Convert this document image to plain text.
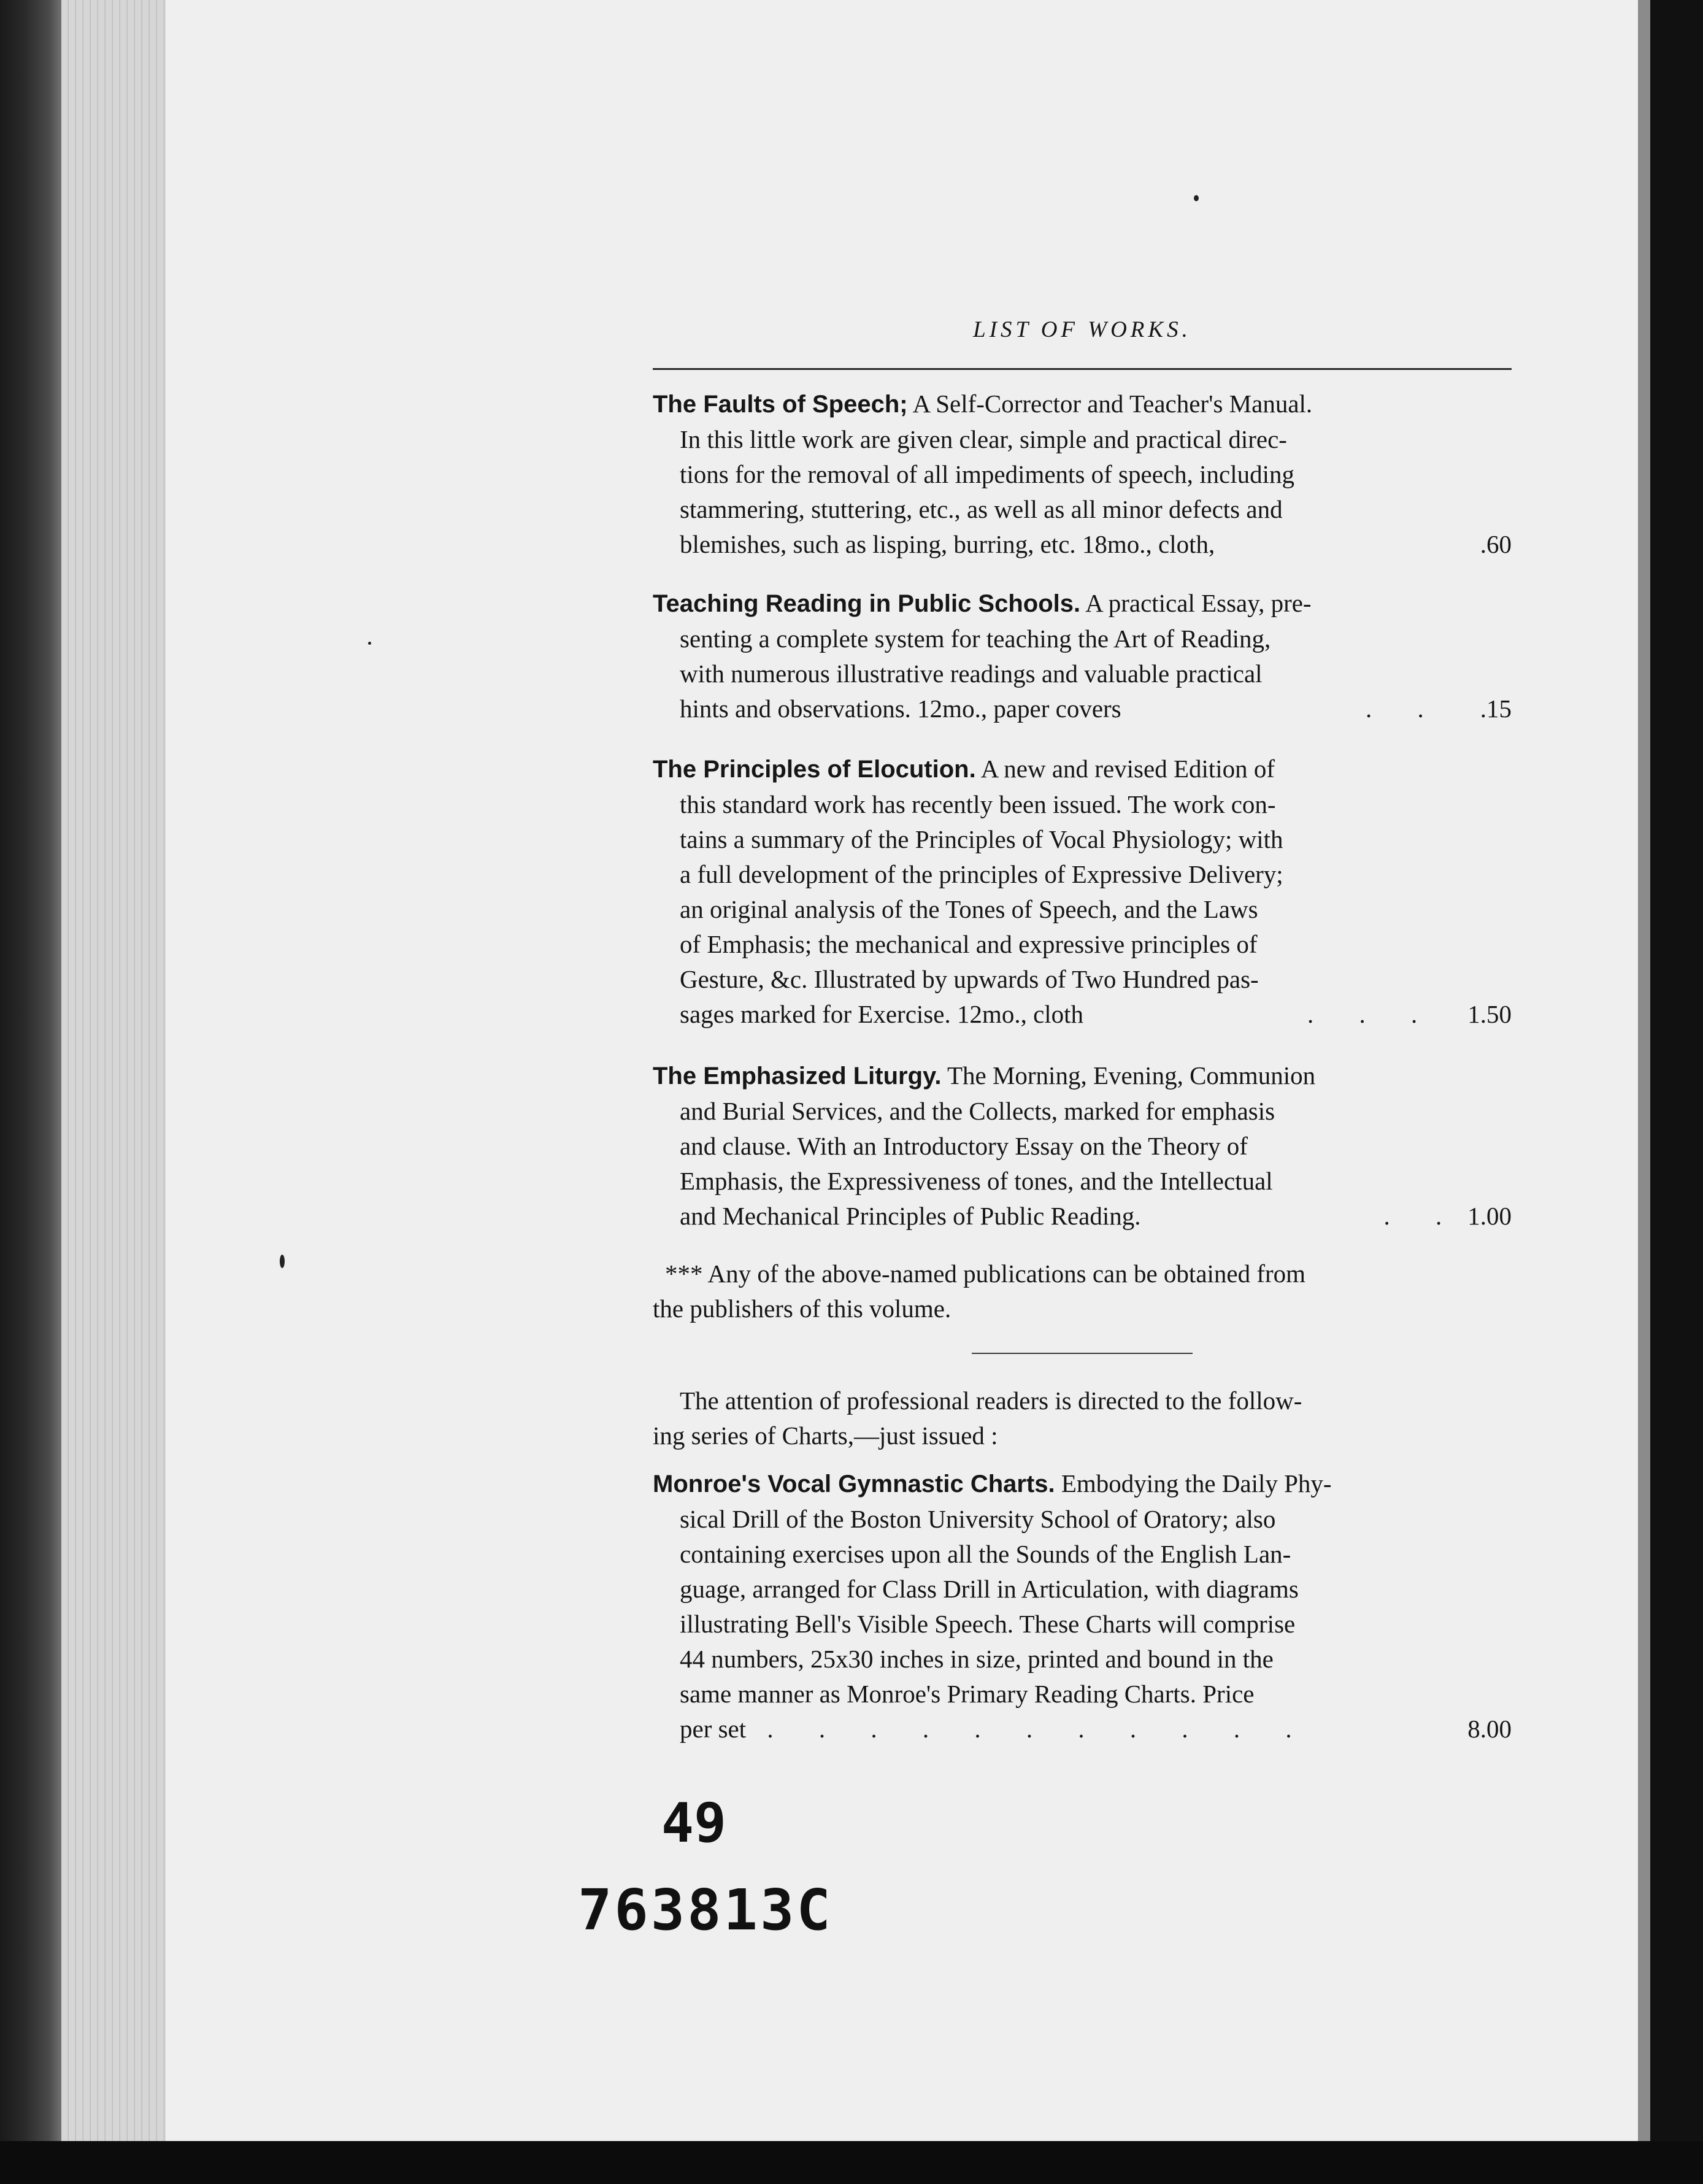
LIST OF WORKS.
The Faults of Speech; A Self-Corrector and Teacher's Manual.
In this little work are given clear, simple and practical direc-
tions for the removal of all impediments of speech, including
stammering, stuttering, etc., as well as all minor defects and
blemishes, such as lisping, burring, etc. 18mo., cloth,	.60
Teaching Reading in Public Schools. A practical Essay, pre-
senting a complete system for teaching the Art of Reading,
with numerous illustrative readings and valuable practical
hints and observations. 12mo., paper covers	.15
. .
The Principles of Elocution. A new and revised Edition of
this standard work has recently been issued. The work con-
tains a summary of the Principles of Vocal Physiology; with
a full development of the principles of Expressive Delivery;
an original analysis of the Tones of Speech, and the Laws
of Emphasis; the mechanical and expressive principles of
Gesture, &c. Illustrated by upwards of Two Hundred pas-
sages marked for Exercise. 12mo., cloth	1.50
. . .
The Emphasized Liturgy. The Morning, Evening, Communion
and Burial Services, and the Collects, marked for emphasis
and clause. With an Introductory Essay on the Theory of
Emphasis, the Expressiveness of tones, and the Intellectual
and Mechanical Principles of Public Reading.	1.00
. .
*** Any of the above-named publications can be obtained from
the publishers of this volume.
The attention of professional readers is directed to the follow-
ing series of Charts,—just issued :
Monroe's Vocal Gymnastic Charts. Embodying the Daily Phy-
sical Drill of the Boston University School of Oratory; also
containing exercises upon all the Sounds of the English Lan-
guage, arranged for Class Drill in Articulation, with diagrams
illustrating Bell's Visible Speech. These Charts will comprise
44 numbers, 25x30 inches in size, printed and bound in the
same manner as Monroe's Primary Reading Charts. Price
per set . . . . . . . . . . .	8.00
49
763813C
